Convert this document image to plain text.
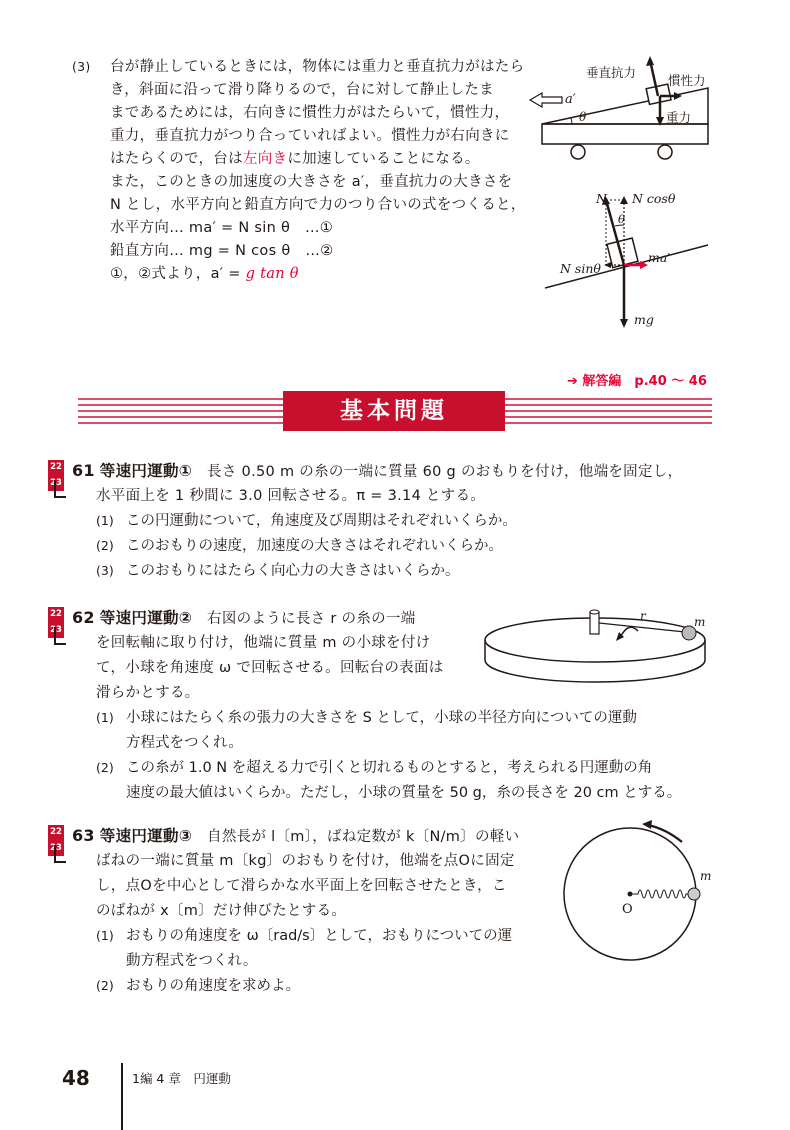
(3) 台が静止しているときには，物体には重力と垂直抗力がはたら
き，斜面に沿って滑り降りるので，台に対して静止したま
まであるためには，右向きに慣性力がはたらいて，慣性力，
重力，垂直抗力がつり合っていればよい。慣性力が右向きに
はたらくので，台は左向きに加速していることになる。
また，このときの加速度の大きさを a′，垂直抗力の大きさを
N とし，水平方向と鉛直方向で力のつり合いの式をつくると，
水平方向… ma′ = N sin θ　…①
鉛直方向… mg = N cos θ　…②
①，②式より，a′ = g tan θ
垂直抗力
慣性力
重力
a′
θ
N N cosθ
θ
ma′
N sinθ
mg
➔ 解答編　p.40 ～ 46
基本問題
22
23
61 等速円運動①　 長さ 0.50 m の糸の一端に質量 60 g のおもりを付け，他端を固定し，
水平面上を 1 秒間に 3.0 回転させる。π = 3.14 とする。
(1) この円運動について，角速度及び周期はそれぞれいくらか。
(2) このおもりの速度，加速度の大きさはそれぞれいくらか。
(3) このおもりにはたらく向心力の大きさはいくらか。
22
23
62 等速円運動②　 右図のように長さ r の糸の一端
を回転軸に取り付け，他端に質量 m の小球を付け
て，小球を角速度 ω で回転させる。回転台の表面は
滑らかとする。
(1) 小球にはたらく糸の張力の大きさを S として，小球の半径方向についての運動
方程式をつくれ。
(2) この糸が 1.0 N を超える力で引くと切れるものとすると，考えられる円運動の角
速度の最大値はいくらか。ただし，小球の質量を 50 g，糸の長さを 20 cm とする。
r	m
22
23
63 等速円運動③　 自然長が l〔m〕，ばね定数が k〔N/m〕の軽い
ばねの一端に質量 m〔kg〕のおもりを付け，他端を点Oに固定
し，点Oを中心として滑らかな水平面上を回転させたとき，こ
のばねが x〔m〕だけ伸びたとする。
(1) おもりの角速度を ω〔rad/s〕として，おもりについての運
動方程式をつくれ。
(2) おもりの角速度を求めよ。
O
m
48	1編 4 章　円運動
